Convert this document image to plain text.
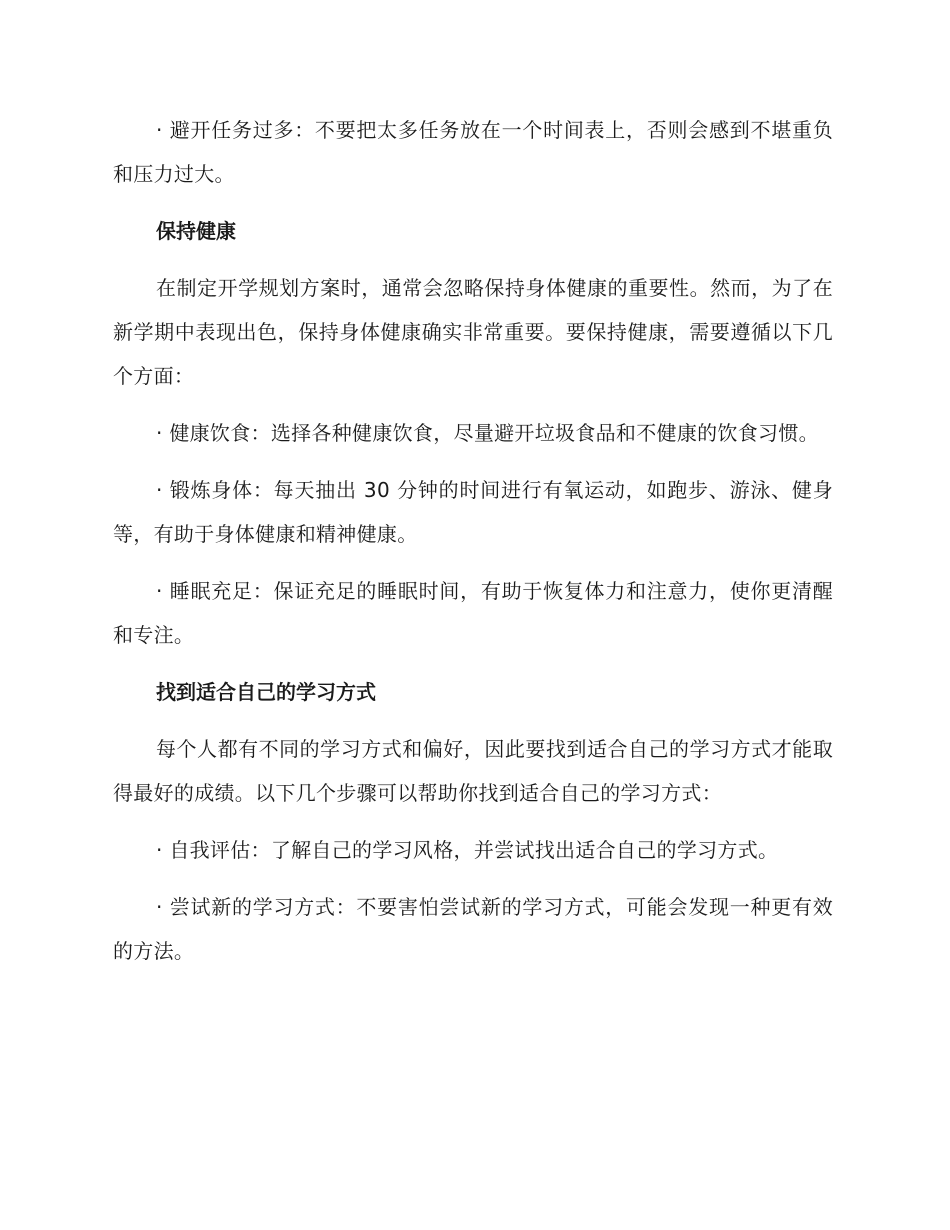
· 避开任务过多：不要把太多任务放在一个时间表上，否则会感到不堪重负和压力过大。

保持健康

在制定开学规划方案时，通常会忽略保持身体健康的重要性。然而，为了在新学期中表现出色，保持身体健康确实非常重要。要保持健康，需要遵循以下几个方面：

· 健康饮食：选择各种健康饮食，尽量避开垃圾食品和不健康的饮食习惯。

· 锻炼身体：每天抽出 30 分钟的时间进行有氧运动，如跑步、游泳、健身等，有助于身体健康和精神健康。

· 睡眠充足：保证充足的睡眠时间，有助于恢复体力和注意力，使你更清醒和专注。

找到适合自己的学习方式

每个人都有不同的学习方式和偏好，因此要找到适合自己的学习方式才能取得最好的成绩。以下几个步骤可以帮助你找到适合自己的学习方式：

· 自我评估：了解自己的学习风格，并尝试找出适合自己的学习方式。

· 尝试新的学习方式：不要害怕尝试新的学习方式，可能会发现一种更有效的方法。
